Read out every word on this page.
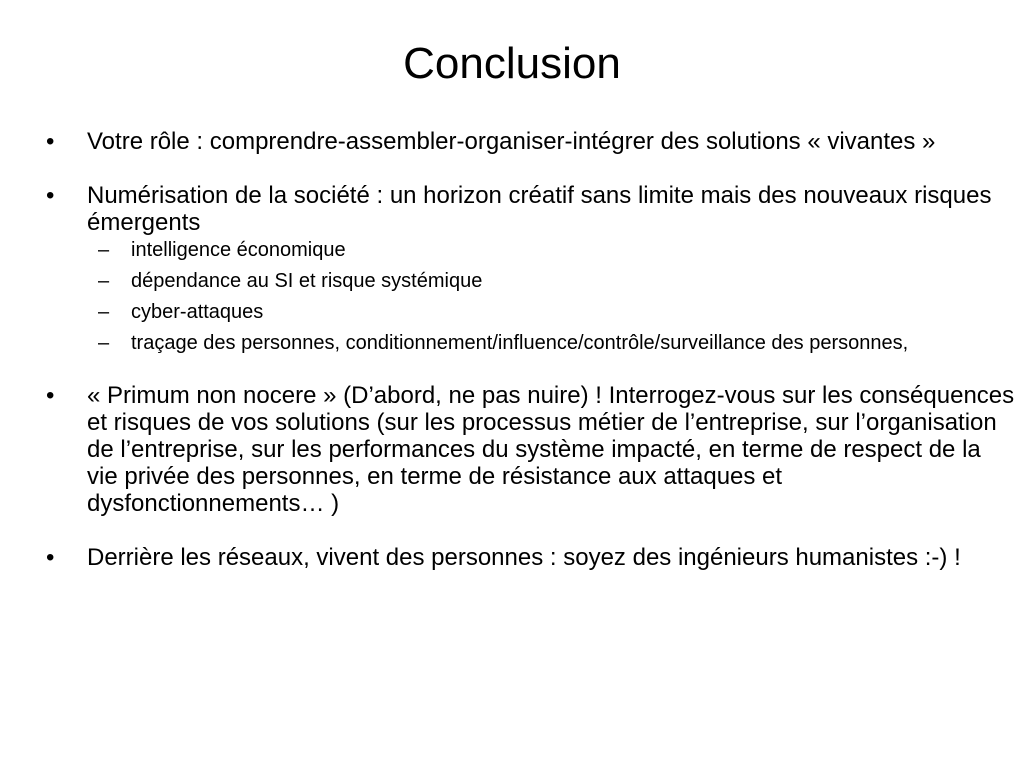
Conclusion
• Votre rôle : comprendre-assembler-organiser-intégrer des solutions « vivantes »
• Numérisation de la société : un horizon créatif sans limite mais des nouveaux risques émergents
– intelligence économique
– dépendance au SI et risque systémique
– cyber-attaques
– traçage des personnes, conditionnement/influence/contrôle/surveillance des personnes,
• « Primum non nocere » (D’abord, ne pas nuire) ! Interrogez-vous sur les conséquences et risques de vos solutions (sur les processus métier de l’entreprise, sur l’organisation de l’entreprise, sur les performances du système impacté, en terme de respect de la vie privée des personnes, en terme de résistance aux attaques et dysfonctionnements… )
• Derrière les réseaux, vivent des personnes : soyez des ingénieurs humanistes :-) !
